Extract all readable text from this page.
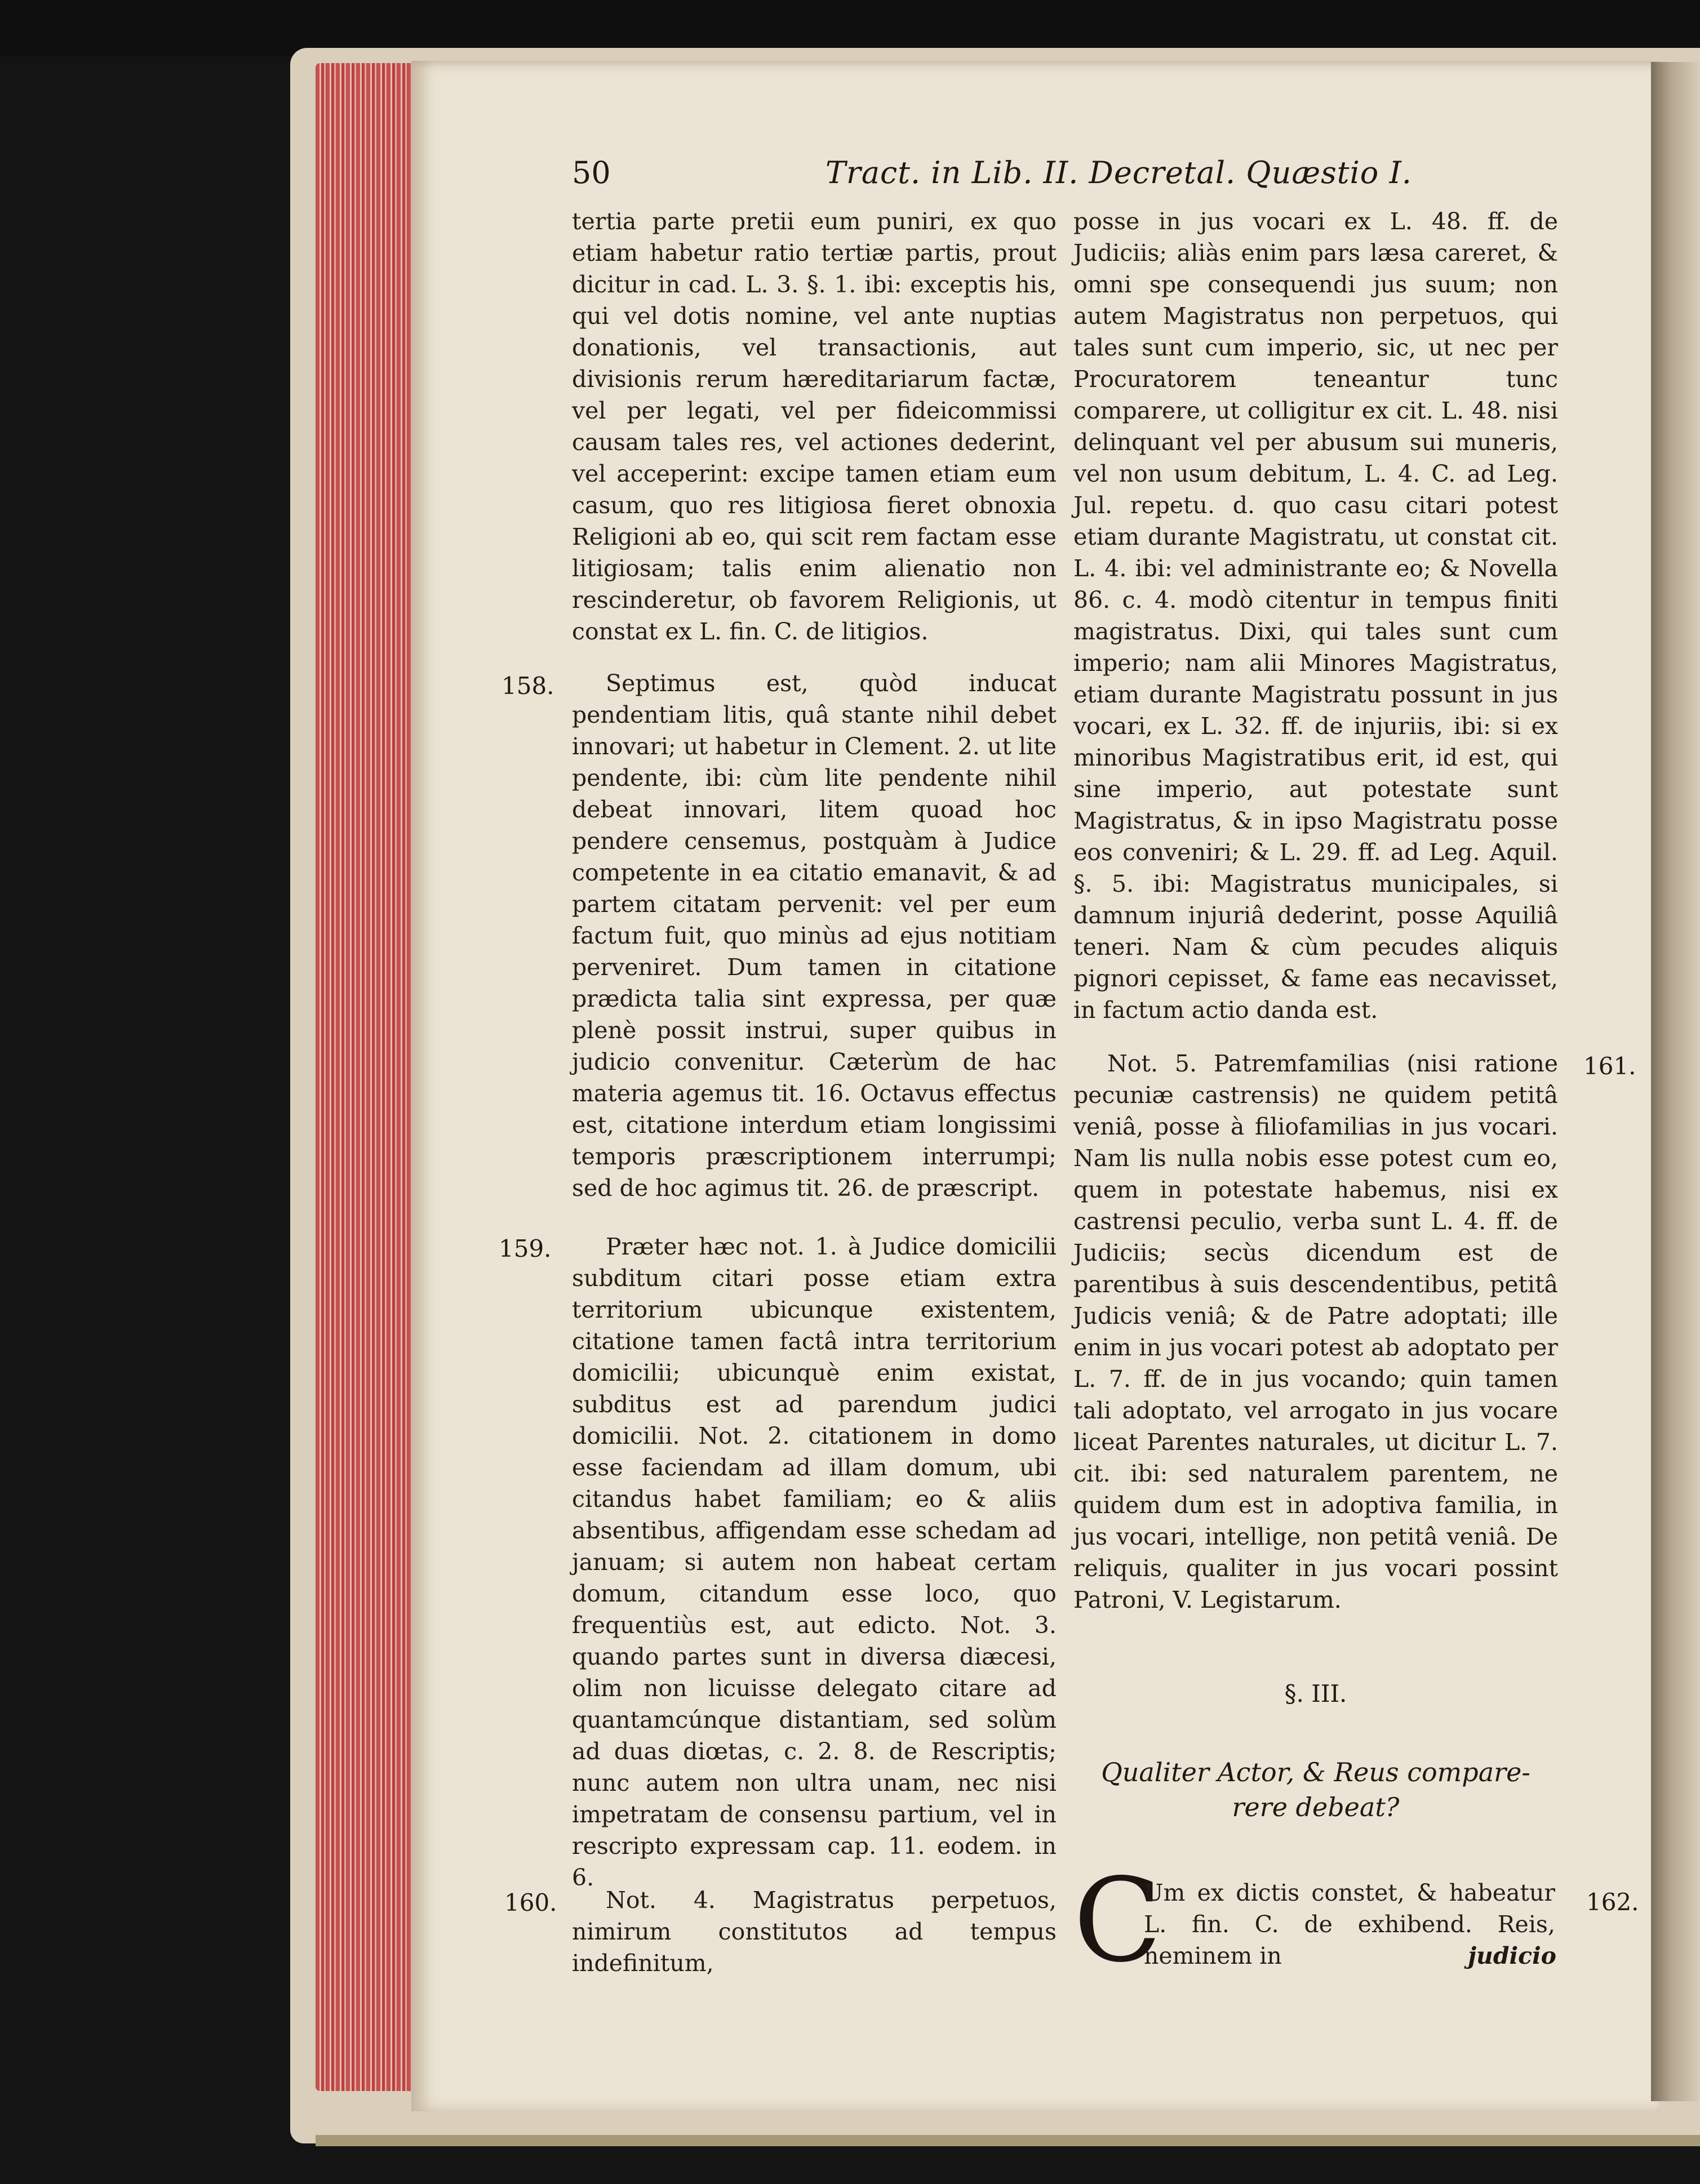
50	Tract. in Lib. II. Decretal. Quæstio I.

tertia parte pretii eum puniri, ex quo etiam habetur ratio tertiæ partis, prout dicitur in cad. L. 3. §. 1. ibi: exceptis his, qui vel dotis nomine, vel ante nuptias donationis, vel transactionis, aut divisionis rerum hæreditariarum factæ, vel per legati, vel per fideicommissi causam tales res, vel actiones dederint, vel acceperint: excipe tamen etiam eum casum, quo res litigiosa fieret obnoxia Religioni ab eo, qui scit rem factam esse litigiosam; talis enim alienatio non rescinderetur, ob favorem Religionis, ut constat ex L. fin. C. de litigios.

158.	Septimus est, quòd inducat pendentiam litis, quâ stante nihil debet innovari; ut habetur in Clement. 2. ut lite pendente, ibi: cùm lite pendente nihil debeat innovari, litem quoad hoc pendere censemus, postquàm à Judice competente in ea citatio emanavit, & ad partem citatam pervenit: vel per eum factum fuit, quo minùs ad ejus notitiam perveniret. Dum tamen in citatione prædicta talia sint expressa, per quæ plenè possit instrui, super quibus in judicio convenitur. Cæterùm de hac materia agemus tit. 16. Octavus effectus est, citatione interdum etiam longissimi temporis præscriptionem interrumpi; sed de hoc agimus tit. 26. de præscript.

159.	Præter hæc not. 1. à Judice domicilii subditum citari posse etiam extra territorium ubicunque existentem, citatione tamen factâ intra territorium domicilii; ubicunquè enim existat, subditus est ad parendum judici domicilii. Not. 2. citationem in domo esse faciendam ad illam domum, ubi citandus habet familiam; eo & aliis absentibus, affigendam esse schedam ad januam; si autem non habeat certam domum, citandum esse loco, quo frequentiùs est, aut edicto. Not. 3. quando partes sunt in diversa diæcesi, olim non licuisse delegato citare ad quantamcúnque distantiam, sed solùm ad duas diœtas, c. 2. 8. de Rescriptis; nunc autem non ultra unam, nec nisi impetratam de consensu partium, vel in rescripto expressam cap. 11. eodem. in 6.

160.	Not. 4. Magistratus perpetuos, nimirum constitutos ad tempus indefinitum,

posse in jus vocari ex L. 48. ff. de Judiciis; aliàs enim pars læsa careret, & omni spe consequendi jus suum; non autem Magistratus non perpetuos, qui tales sunt cum imperio, sic, ut nec per Procuratorem teneantur tunc comparere, ut colligitur ex cit. L. 48. nisi delinquant vel per abusum sui muneris, vel non usum debitum, L. 4. C. ad Leg. Jul. repetu. d. quo casu citari potest etiam durante Magistratu, ut constat cit. L. 4. ibi: vel administrante eo; & Novella 86. c. 4. modò citentur in tempus finiti magistratus. Dixi, qui tales sunt cum imperio; nam alii Minores Magistratus, etiam durante Magistratu possunt in jus vocari, ex L. 32. ff. de injuriis, ibi: si ex minoribus Magistratibus erit, id est, qui sine imperio, aut potestate sunt Magistratus, & in ipso Magistratu posse eos conveniri; & L. 29. ff. ad Leg. Aquil. §. 5. ibi: Magistratus municipales, si damnum injuriâ dederint, posse Aquiliâ teneri. Nam & cùm pecudes aliquis pignori cepisset, & fame eas necavisset, in factum actio danda est.

161.

Not. 5. Patremfamilias (nisi ratione pecuniæ castrensis) ne quidem petitâ veniâ, posse à filiofamilias in jus vocari. Nam lis nulla nobis esse potest cum eo, quem in potestate habemus, nisi ex castrensi peculio, verba sunt L. 4. ff. de Judiciis; secùs dicendum est de parentibus à suis descendentibus, petitâ Judicis veniâ; & de Patre adoptati; ille enim in jus vocari potest ab adoptato per L. 7. ff. de in jus vocando; quin tamen tali adoptato, vel arrogato in jus vocare liceat Parentes naturales, ut dicitur L. 7. cit. ibi: sed naturalem parentem, ne quidem dum est in adoptiva familia, in jus vocari, intellige, non petitâ veniâ. De reliquis, qualiter in jus vocari possint Patroni, V. Legistarum.

§. III.
Qualiter Actor, & Reus compare-
rere debeat?
C
Um ex dictis constet, & habeatur L. fin. C. de exhibend. Reis, neminem in
162.
judicio
